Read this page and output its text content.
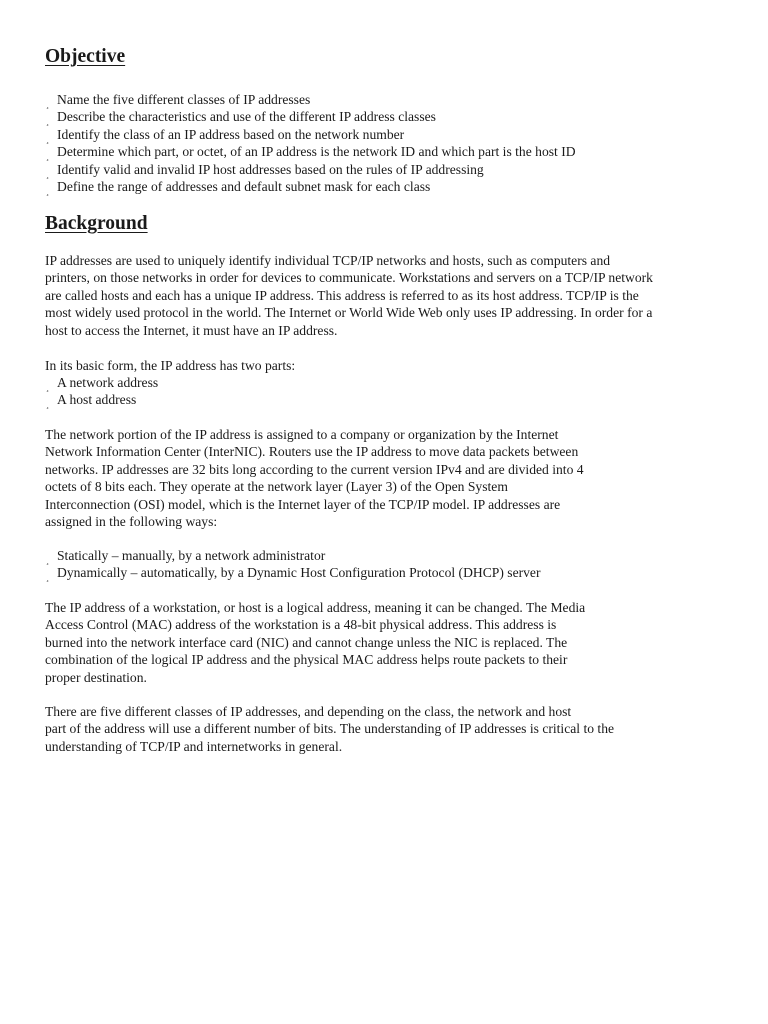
Objective
¸ Name the five different classes of IP addresses
¸ Describe the characteristics and use of the different IP address classes
¸ Identify the class of an IP address based on the network number
¸ Determine which part, or octet, of an IP address is the network ID and which part is the host ID
¸ Identify valid and invalid IP host addresses based on the rules of IP addressing
¸ Define the range of addresses and default subnet mask for each class
Background

IP addresses are used to uniquely identify individual TCP/IP networks and hosts, such as computers and
printers, on those networks in order for devices to communicate. Workstations and servers on a TCP/IP network
are called hosts and each has a unique IP address. This address is referred to as its host address. TCP/IP is the
most widely used protocol in the world. The Internet or World Wide Web only uses IP addressing. In order for a
host to access the Internet, it must have an IP address.

In its basic form, the IP address has two parts:

¸ A network address
¸ A host address

The network portion of the IP address is assigned to a company or organization by the Internet
Network Information Center (InterNIC). Routers use the IP address to move data packets between
networks. IP addresses are 32 bits long according to the current version IPv4 and are divided into 4
octets of 8 bits each. They operate at the network layer (Layer 3) of the Open System
Interconnection (OSI) model, which is the Internet layer of the TCP/IP model. IP addresses are
assigned in the following ways:

¸ Statically – manually, by a network administrator
¸ Dynamically – automatically, by a Dynamic Host Configuration Protocol (DHCP) server

The IP address of a workstation, or host is a logical address, meaning it can be changed. The Media
Access Control (MAC) address of the workstation is a 48-bit physical address. This address is
burned into the network interface card (NIC) and cannot change unless the NIC is replaced. The
combination of the logical IP address and the physical MAC address helps route packets to their
proper destination.

There are five different classes of IP addresses, and depending on the class, the network and host
part of the address will use a different number of bits. The understanding of IP addresses is critical to the
understanding of TCP/IP and internetworks in general.
